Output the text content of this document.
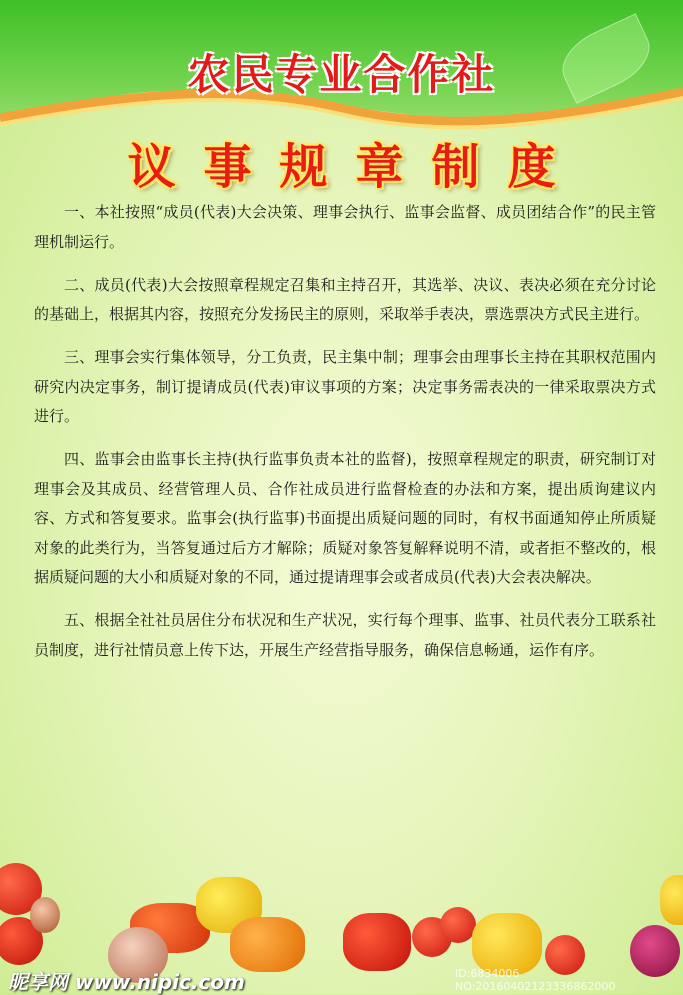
农民专业合作社
议事规章制度

一、本社按照“成员(代表)大会决策、理事会执行、监事会监督、成员团结合作”的民主管理机制运行。

二、成员(代表)大会按照章程规定召集和主持召开，其选举、决议、表决必须在充分讨论的基础上，根据其内容，按照充分发扬民主的原则，采取举手表决，票选票决方式民主进行。

三、理事会实行集体领导，分工负责，民主集中制；理事会由理事长主持在其职权范围内研究内决定事务，制订提请成员(代表)审议事项的方案；决定事务需表决的一律采取票决方式进行。

四、监事会由监事长主持(执行监事负责本社的监督)，按照章程规定的职责，研究制订对理事会及其成员、经营管理人员、合作社成员进行监督检查的办法和方案，提出质询建议内容、方式和答复要求。监事会(执行监事)书面提出质疑问题的同时，有权书面通知停止所质疑对象的此类行为，当答复通过后方才解除；质疑对象答复解释说明不清，或者拒不整改的，根据质疑问题的大小和质疑对象的不同，通过提请理事会或者成员(代表)大会表决解决。

五、根据全社社员居住分布状况和生产状况，实行每个理事、监事、社员代表分工联系社员制度，进行社情员意上传下达，开展生产经营指导服务，确保信息畅通，运作有序。

昵享网 www.nipic.com	ID:6834006 NO:20160402123336862000
